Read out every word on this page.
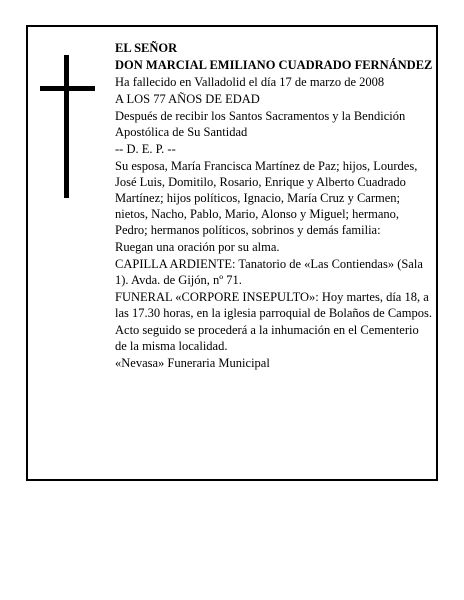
EL SEÑOR

DON MARCIAL EMILIANO CUADRADO FERNÁNDEZ

Ha fallecido en Valladolid el día 17 de marzo de 2008

A LOS 77 AÑOS DE EDAD

Después de recibir los Santos Sacramentos y la Bendición Apostólica de Su Santidad

-- D. E. P. --

Su esposa, María Francisca Martínez de Paz; hijos, Lourdes, José Luis, Domitilo, Rosario, Enrique y Alberto Cuadrado Martínez; hijos políticos, Ignacio, María Cruz y Carmen; nietos, Nacho, Pablo, Mario, Alonso y Miguel; hermano, Pedro; hermanos políticos, sobrinos y demás familia:

Ruegan una oración por su alma.

CAPILLA ARDIENTE: Tanatorio de «Las Contiendas» (Sala 1). Avda. de Gijón, nº 71.

FUNERAL «CORPORE INSEPULTO»: Hoy martes, día 18, a las 17.30 horas, en la iglesia parroquial de Bolaños de Campos.

Acto seguido se procederá a la inhumación en el Cementerio de la misma localidad.

«Nevasa» Funeraria Municipal
